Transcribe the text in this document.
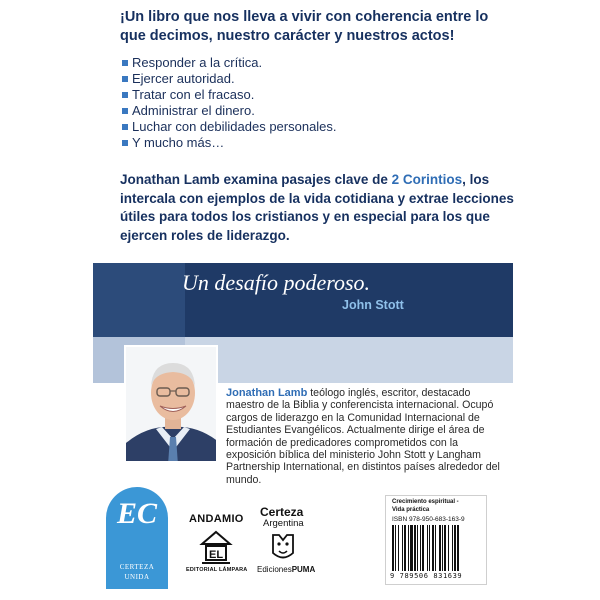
¡Un libro que nos lleva a vivir con coherencia entre lo que decimos, nuestro carácter y nuestros actos!
Responder a la crítica.
Ejercer autoridad.
Tratar con el fracaso.
Administrar el dinero.
Luchar con debilidades personales.
Y mucho más…
Jonathan Lamb examina pasajes clave de 2 Corintios, los intercala con ejemplos de la vida cotidiana y extrae lecciones útiles para todos los cristianos y en especial para los que ejercen roles de liderazgo.
Un desafío poderoso.
John Stott
Jonathan Lamb teólogo inglés, escritor, destacado maestro de la Biblia y conferencista internacional. Ocupó cargos de liderazgo en la Comunidad Internacional de Estudiantes Evangélicos. Actualmente dirige el área de formación de predicadores comprometidos con la exposición bíblica del ministerio John Stott y Langham Partnership International, en distintos países alrededor del mundo.
EC
CERTEZA
UNIDA
ANDAMIO Certeza
Argentina
EL
EDITORIAL LÁMPARA EdicionesPUMA
Crecimiento espiritual -
Vida práctica
ISBN 978-950-683-163-9
9 789506 831639
